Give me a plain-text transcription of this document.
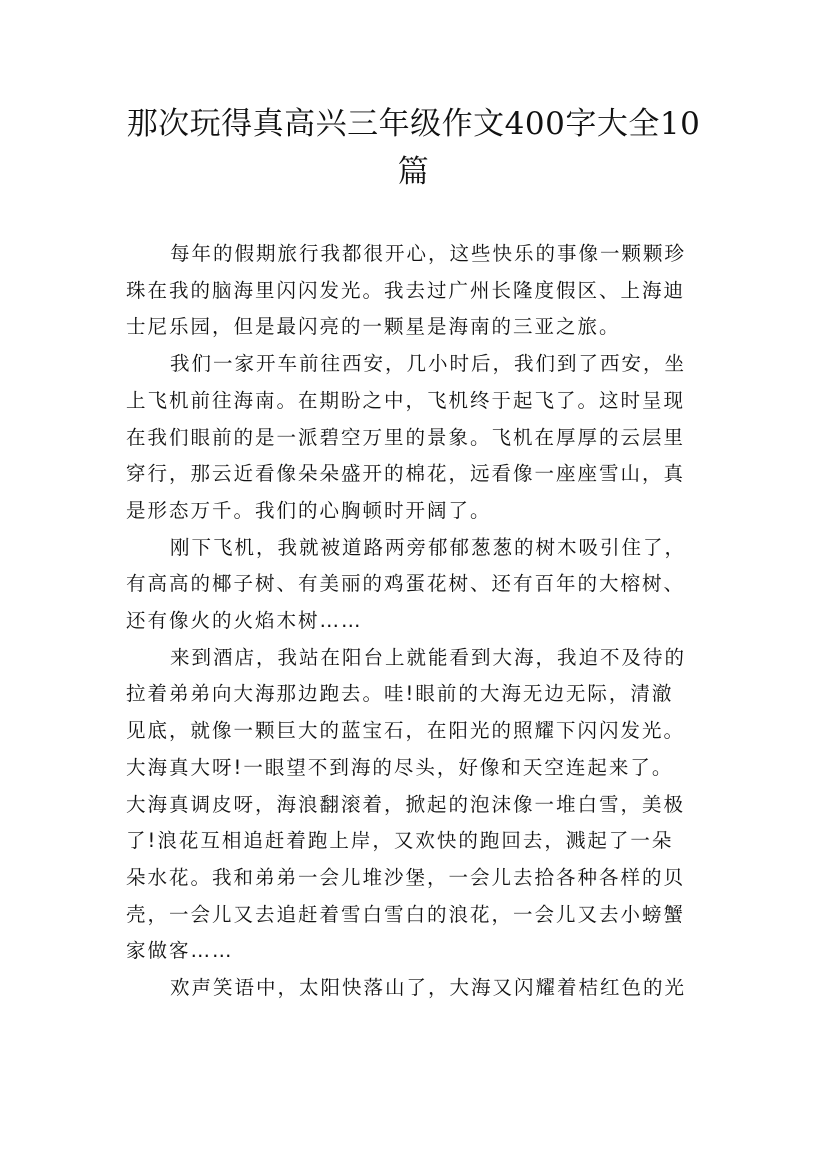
那次玩得真高兴三年级作文400字大全10
篇

每年的假期旅行我都很开心，这些快乐的事像一颗颗珍
珠在我的脑海里闪闪发光。我去过广州长隆度假区、上海迪
士尼乐园，但是最闪亮的一颗星是海南的三亚之旅。

我们一家开车前往西安，几小时后，我们到了西安，坐
上飞机前往海南。在期盼之中，飞机终于起飞了。这时呈现
在我们眼前的是一派碧空万里的景象。飞机在厚厚的云层里
穿行，那云近看像朵朵盛开的棉花，远看像一座座雪山，真
是形态万千。我们的心胸顿时开阔了。

刚下飞机，我就被道路两旁郁郁葱葱的树木吸引住了，
有高高的椰子树、有美丽的鸡蛋花树、还有百年的大榕树、
还有像火的火焰木树……

来到酒店，我站在阳台上就能看到大海，我迫不及待的
拉着弟弟向大海那边跑去。哇!眼前的大海无边无际，清澈
见底，就像一颗巨大的蓝宝石，在阳光的照耀下闪闪发光。
大海真大呀!一眼望不到海的尽头，好像和天空连起来了。
大海真调皮呀，海浪翻滚着，掀起的泡沫像一堆白雪，美极
了!浪花互相追赶着跑上岸，又欢快的跑回去，溅起了一朵
朵水花。我和弟弟一会儿堆沙堡，一会儿去拾各种各样的贝
壳，一会儿又去追赶着雪白雪白的浪花，一会儿又去小螃蟹
家做客……

欢声笑语中，太阳快落山了，大海又闪耀着桔红色的光
